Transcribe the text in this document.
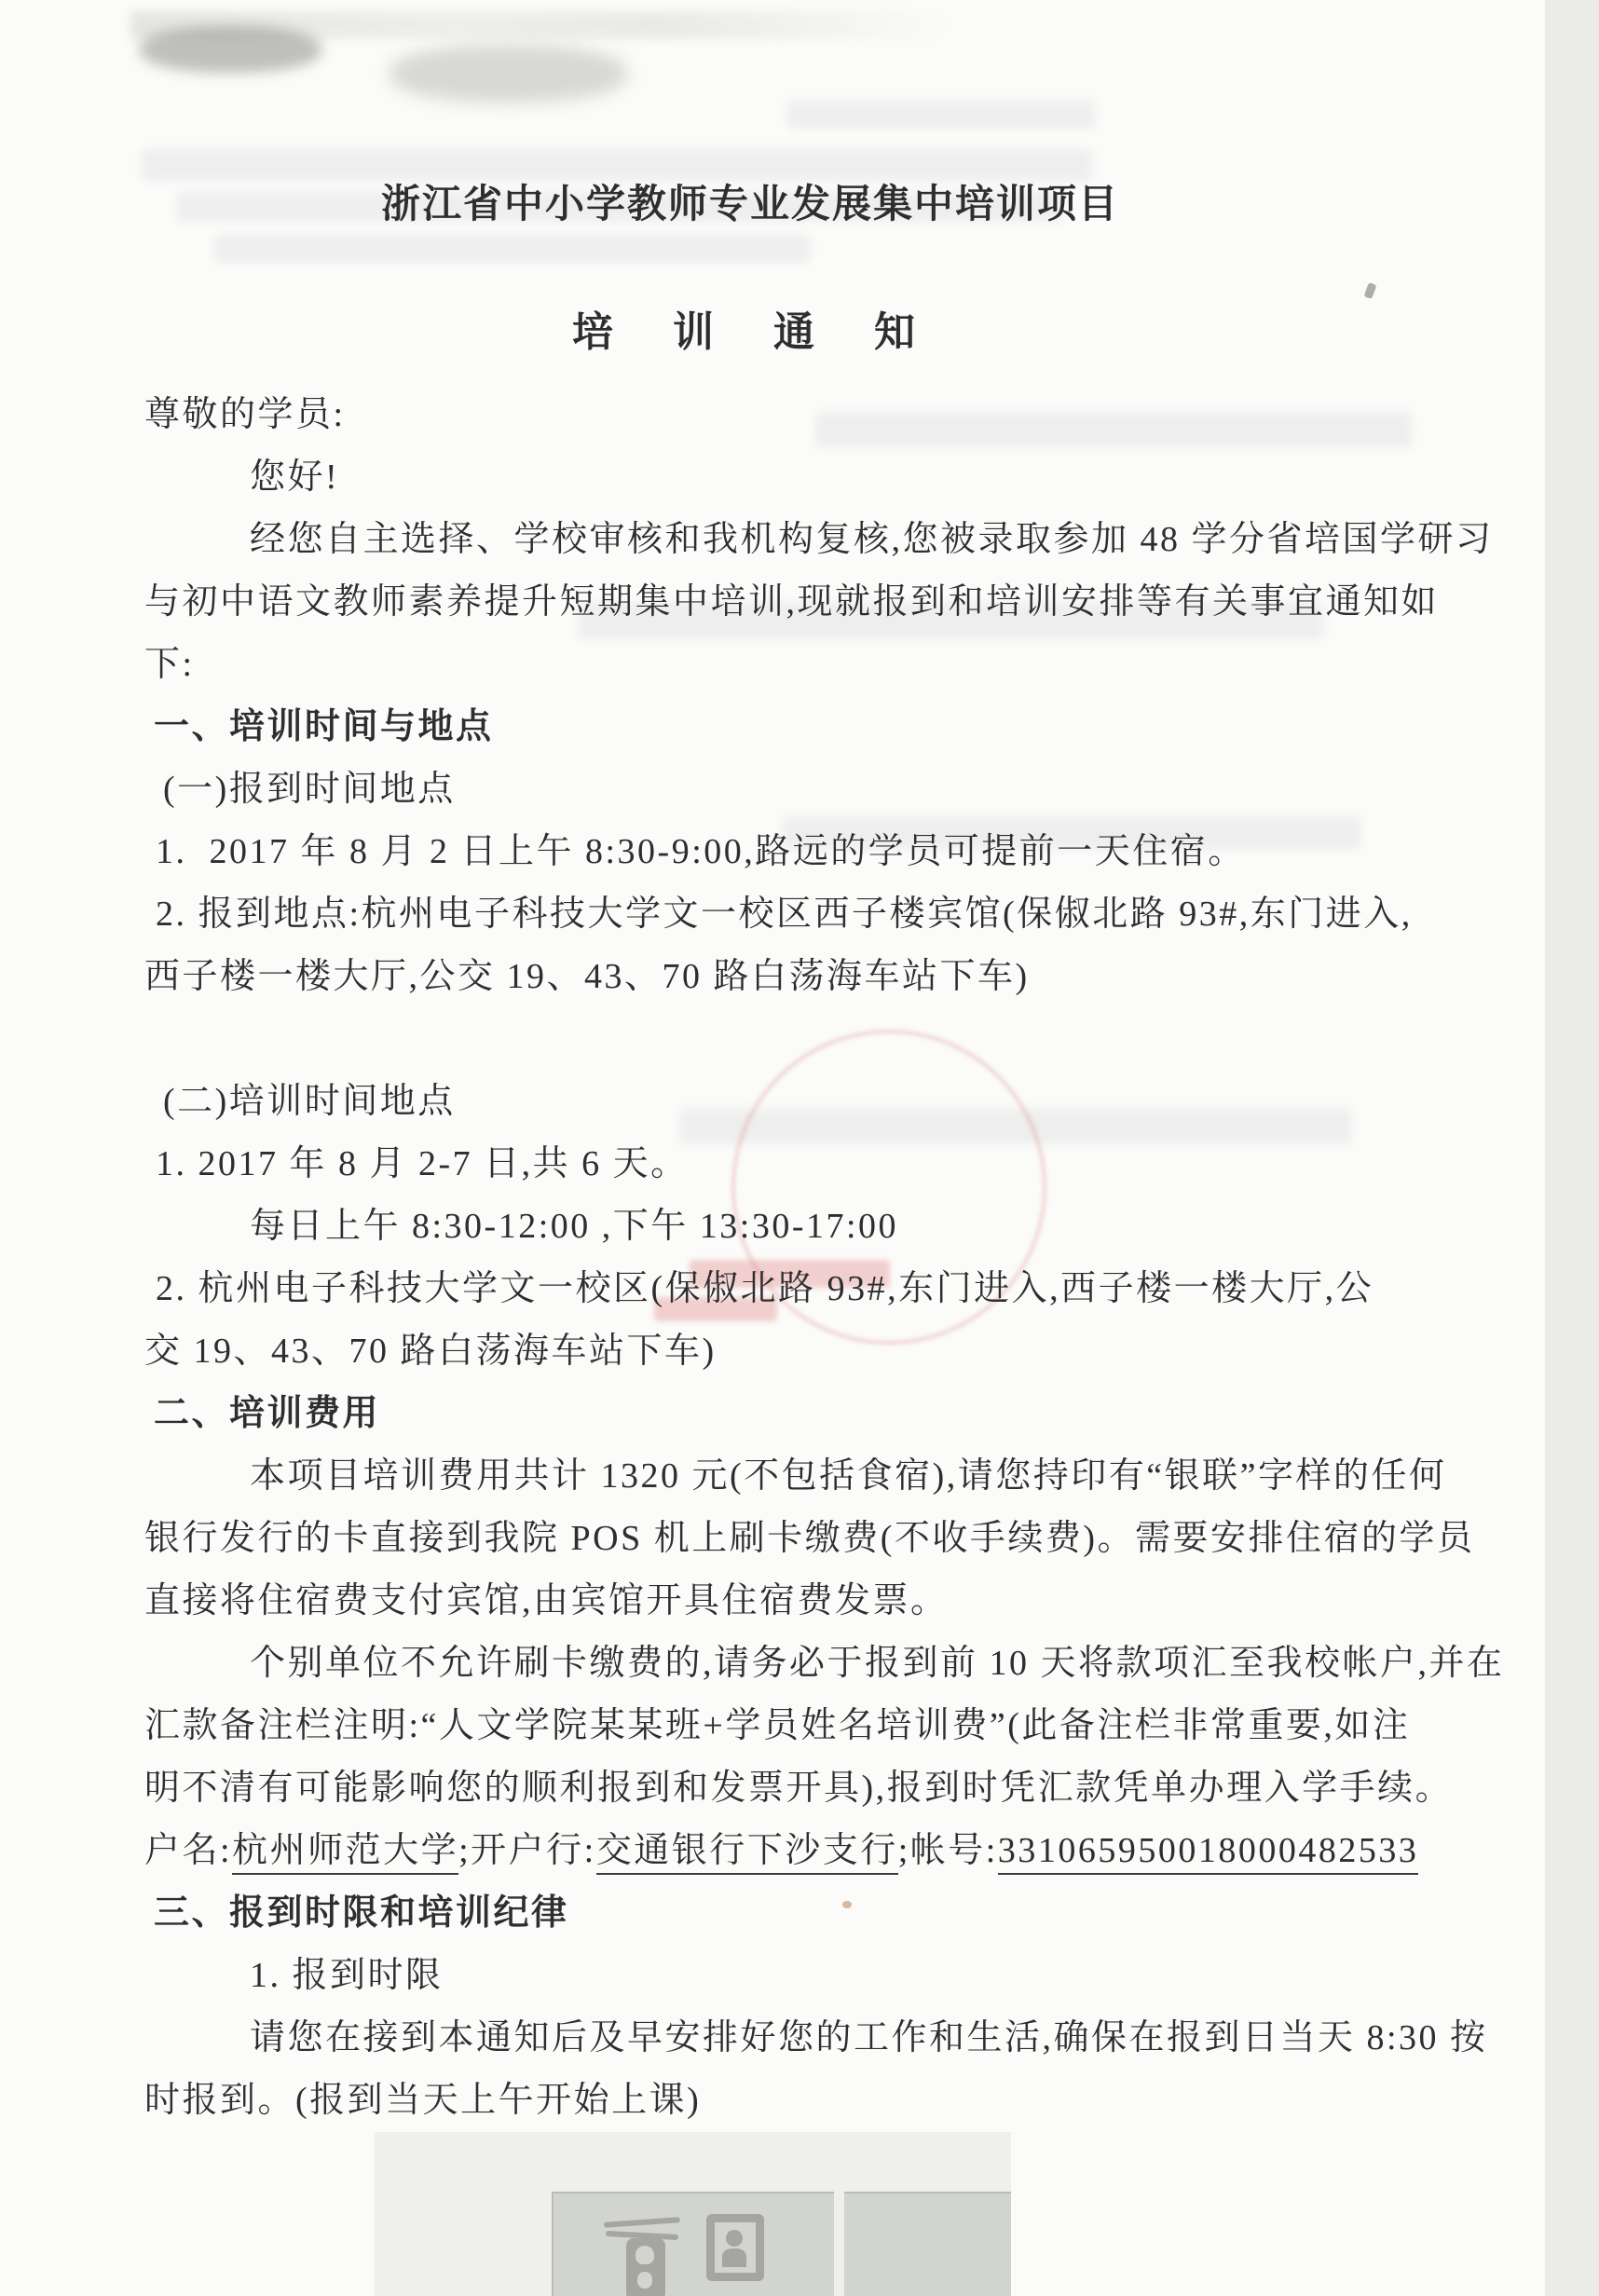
浙江省中小学教师专业发展集中培训项目
培  训  通  知
尊敬的学员:
您好!
经您自主选择、学校审核和我机构复核,您被录取参加 48 学分省培国学研习
与初中语文教师素养提升短期集中培训,现就报到和培训安排等有关事宜通知如
下:
一、培训时间与地点
(一)报到时间地点
1.  2017 年 8 月 2 日上午 8:30-9:00,路远的学员可提前一天住宿。
2. 报到地点:杭州电子科技大学文一校区西子楼宾馆(保俶北路 93#,东门进入,
西子楼一楼大厅,公交 19、43、70 路白荡海车站下车)
(二)培训时间地点
1. 2017 年 8 月 2-7 日,共 6 天。
每日上午 8:30-12:00 ,下午 13:30-17:00
2. 杭州电子科技大学文一校区(保俶北路 93#,东门进入,西子楼一楼大厅,公
交 19、43、70 路白荡海车站下车)
二、培训费用
本项目培训费用共计 1320 元(不包括食宿),请您持印有“银联”字样的任何
银行发行的卡直接到我院 POS 机上刷卡缴费(不收手续费)。需要安排住宿的学员
直接将住宿费支付宾馆,由宾馆开具住宿费发票。
个别单位不允许刷卡缴费的,请务必于报到前 10 天将款项汇至我校帐户,并在
汇款备注栏注明:“人文学院某某班+学员姓名培训费”(此备注栏非常重要,如注
明不清有可能影响您的顺利报到和发票开具),报到时凭汇款凭单办理入学手续。
户名:杭州师范大学;开户行:交通银行下沙支行;帐号:331065950018000482533
三、报到时限和培训纪律
1. 报到时限
请您在接到本通知后及早安排好您的工作和生活,确保在报到日当天 8:30 按
时报到。(报到当天上午开始上课)
